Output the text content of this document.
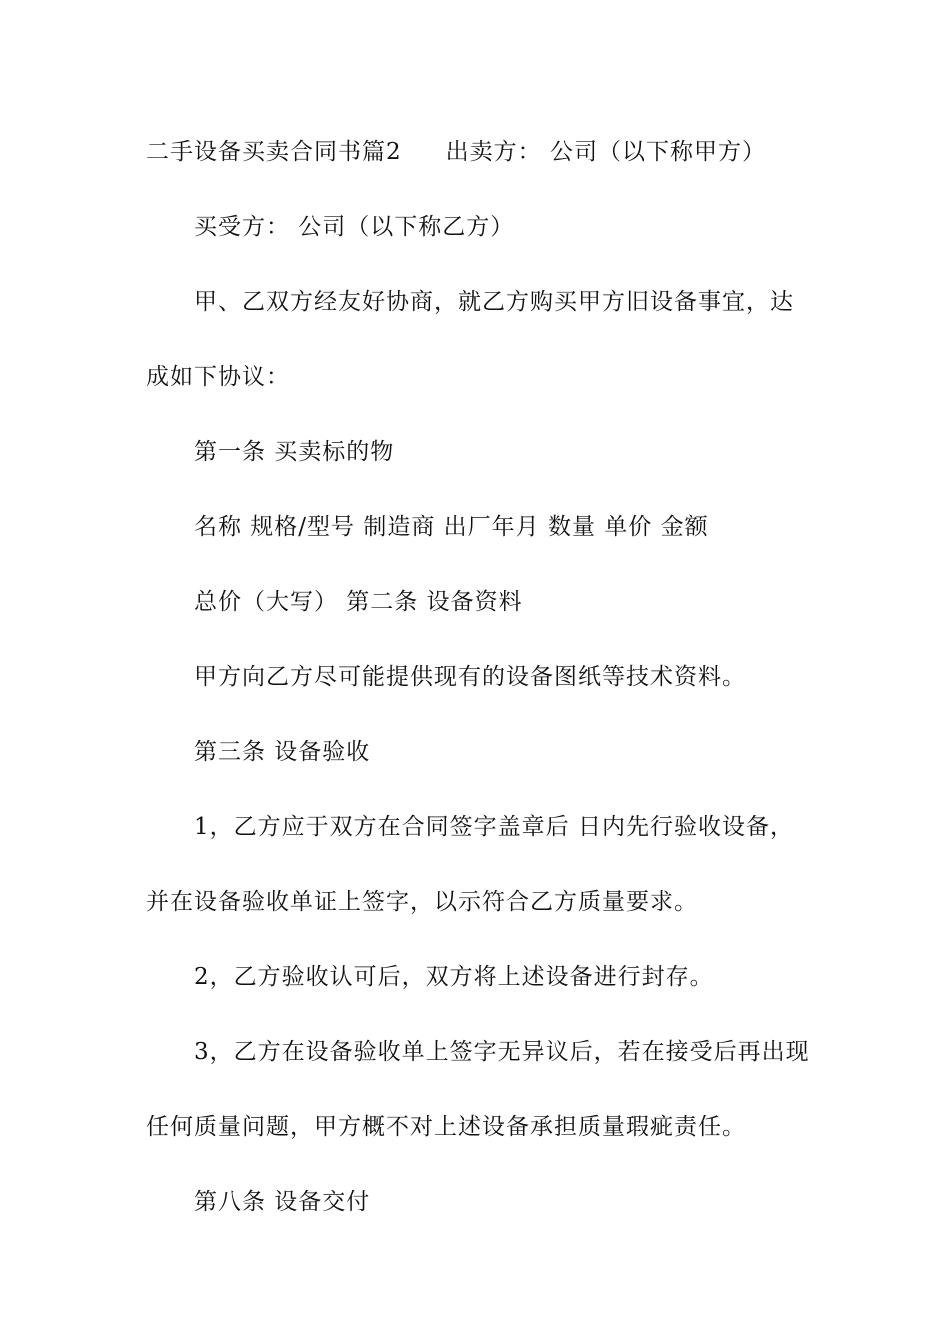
二手设备买卖合同书篇2 出卖方： 公司（以下称甲方）

买受方： 公司（以下称乙方）

甲、乙双方经友好协商，就乙方购买甲方旧设备事宜，达

成如下协议：

第一条 买卖标的物

名称 规格/型号 制造商 出厂年月 数量 单价 金额

总价（大写） 第二条 设备资料

甲方向乙方尽可能提供现有的设备图纸等技术资料。

第三条 设备验收

1，乙方应于双方在合同签字盖章后 日内先行验收设备，

并在设备验收单证上签字，以示符合乙方质量要求。

2，乙方验收认可后，双方将上述设备进行封存。

3，乙方在设备验收单上签字无异议后，若在接受后再出现

任何质量问题，甲方概不对上述设备承担质量瑕疵责任。

第八条 设备交付
